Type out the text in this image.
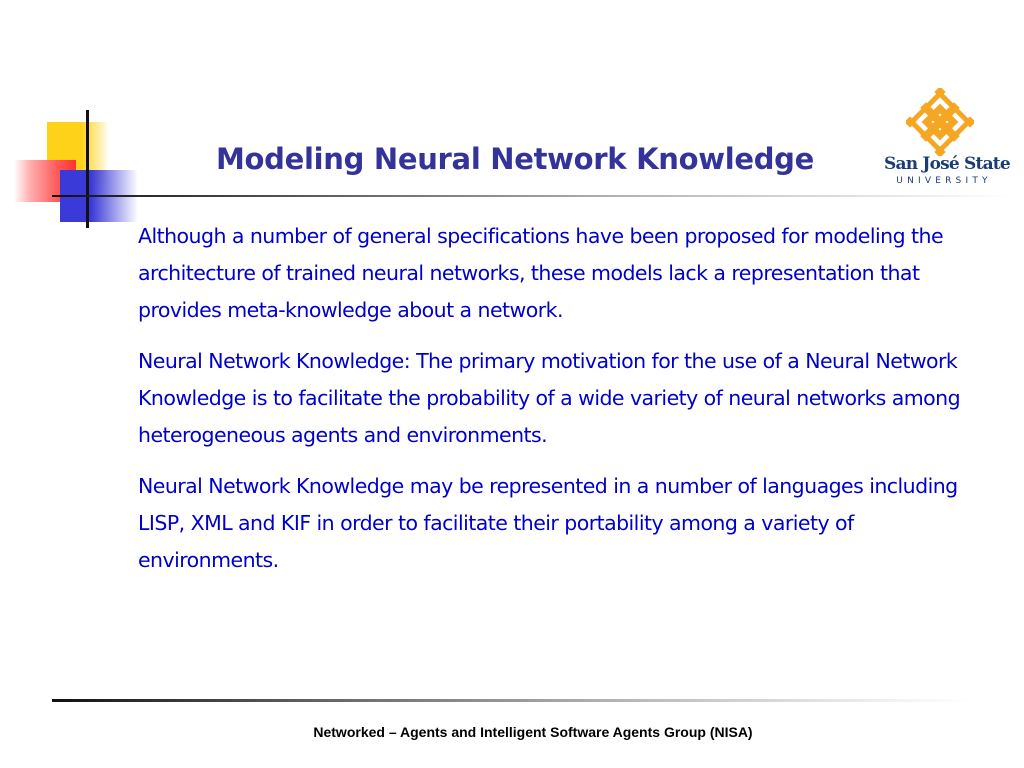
Modeling Neural Network Knowledge	San José State
UNIVERSITY

Although a number of general specifications have been proposed for modeling the architecture of trained neural networks, these models lack a representation that provides meta-knowledge about a network.

Neural Network Knowledge: The primary motivation for the use of a Neural Network Knowledge is to facilitate the probability of a wide variety of neural networks among heterogeneous agents and environments.

Neural Network Knowledge may be represented in a number of languages including LISP, XML and KIF in order to facilitate their portability among a variety of environments.

Networked – Agents and Intelligent Software Agents Group (NISA)
